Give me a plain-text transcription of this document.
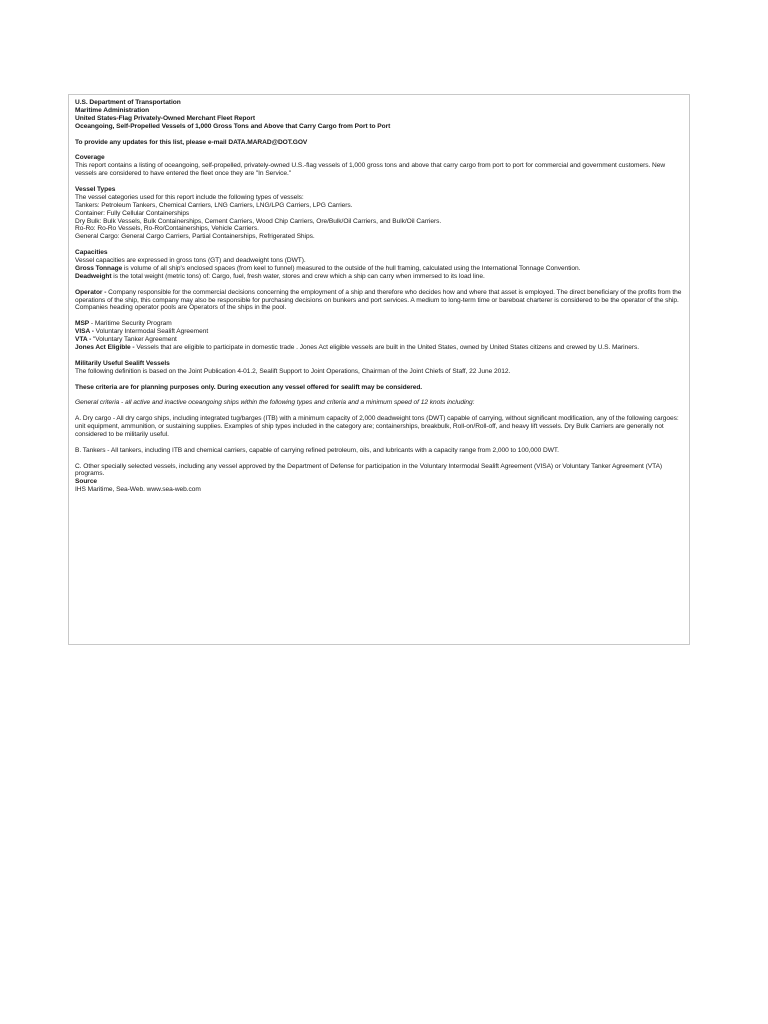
U.S. Department of Transportation
Maritime Administration
United States-Flag Privately-Owned Merchant Fleet Report
Oceangoing, Self-Propelled Vessels of 1,000 Gross Tons and Above that Carry Cargo from Port to Port
To provide any updates for this list, please e-mail DATA.MARAD@DOT.GOV
Coverage

This report contains a listing of oceangoing, self-propelled, privately-owned U.S.-flag vessels of 1,000 gross tons and above that carry cargo from port to port for commercial and government customers. New vessels are considered to have entered the fleet once they are "In Service."

Vessel Types
The vessel categories used for this report include the following types of vessels:
Tankers: Petroleum Tankers, Chemical Carriers, LNG Carriers, LNG/LPG Carriers, LPG Carriers.
Container: Fully Cellular Containerships
Dry Bulk: Bulk Vessels, Bulk Containerships, Cement Carriers, Wood Chip Carriers, Ore/Bulk/Oil Carriers, and Bulk/Oil Carriers.
Ro-Ro: Ro-Ro Vessels, Ro-Ro/Containerships, Vehicle Carriers.
General Cargo: General Cargo Carriers, Partial Containerships, Refrigerated Ships.
Capacities
Vessel capacities are expressed in gross tons (GT) and deadweight tons (DWT).

Gross Tonnage is volume of all ship's enclosed spaces (from keel to funnel) measured to the outside of the hull framing, calculated using the International Tonnage Convention.

Deadweight is the total weight (metric tons) of: Cargo, fuel, fresh water, stores and crew which a ship can carry when immersed to its load line.

Operator - Company responsible for the commercial decisions concerning the employment of a ship and therefore who decides how and where that asset is employed. The direct beneficiary of the profits from the operations of the ship, this company may also be responsible for purchasing decisions on bunkers and port services. A medium to long-term time or bareboat charterer is considered to be the operator of the ship. Companies heading operator pools are Operators of the ships in the pool.

MSP - Maritime Security Program

VISA - Voluntary Intermodal Sealift Agreement

VTA - "Voluntary Tanker Agreement

Jones Act Eligible - Vessels that are eligible to participate in domestic trade . Jones Act eligible vessels are built in the United States, owned by United States citizens and crewed by U.S. Mariners.

Militarily Useful Sealift Vessels

The following definition is based on the Joint Publication 4-01.2, Sealift Support to Joint Operations, Chairman of the Joint Chiefs of Staff, 22 June 2012.

These criteria are for planning purposes only. During execution any vessel offered for sealift may be considered.

General criteria - all active and inactive oceangoing ships within the following types and criteria and a minimum speed of 12 knots including:

A. Dry cargo - All dry cargo ships, including integrated tug/barges (ITB) with a minimum capacity of 2,000 deadweight tons (DWT) capable of carrying, without significant modification, any of the following cargoes: unit equipment, ammunition, or sustaining supplies. Examples of ship types included in the category are; containerships, breakbulk, Roll-on/Roll-off, and heavy lift vessels. Dry Bulk Carriers are generally not considered to be militarily useful.

B. Tankers - All tankers, including ITB and chemical carriers, capable of carrying refined petroleum, oils, and lubricants with a capacity range from 2,000 to 100,000 DWT.

C. Other specially selected vessels, including any vessel approved by the Department of Defense for participation in the Voluntary Intermodal Sealift Agreement (VISA) or Voluntary Tanker Agreement (VTA) programs.

Source
IHS Maritime, Sea-Web. www.sea-web.com
